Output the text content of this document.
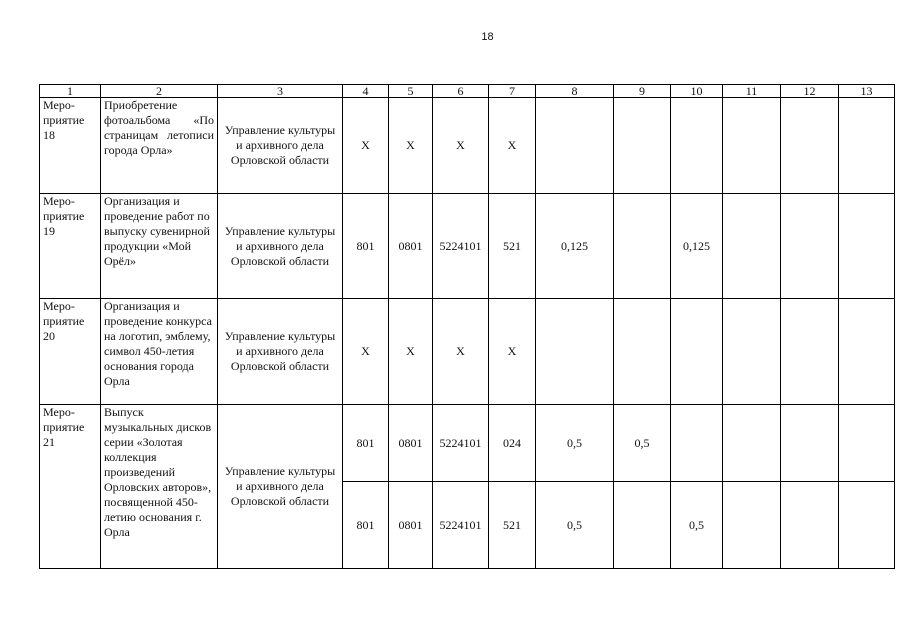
18
1	2	3	4	5	6	7	8	9	10	11	12	13

Меро-
приятие
18	Приобретение фотоальбома «По страницам летописи города Орла»	Управление культуры и архивного дела Орловской области	Х	Х	Х	Х						

Меро-
приятие
19	Организация и проведение работ по выпуску сувенирной продукции «Мой Орёл»	Управление культуры и архивного дела Орловской области	801	0801	5224101	521	0,125		0,125			

Меро-
приятие
20	Организация и проведение конкурса на логотип, эмблему, символ 450-летия основания города Орла	Управление культуры и архивного дела Орловской области	Х	Х	Х	Х						

Меро-
приятие
21	Выпуск музыкальных дисков серии «Золотая коллекция произведений Орловских авторов», посвященной 450-летию основания г. Орла	Управление культуры и архивного дела Орловской области	801	0801	5224101	024	0,5	0,5				
			801	0801	5224101	521	0,5		0,5			
